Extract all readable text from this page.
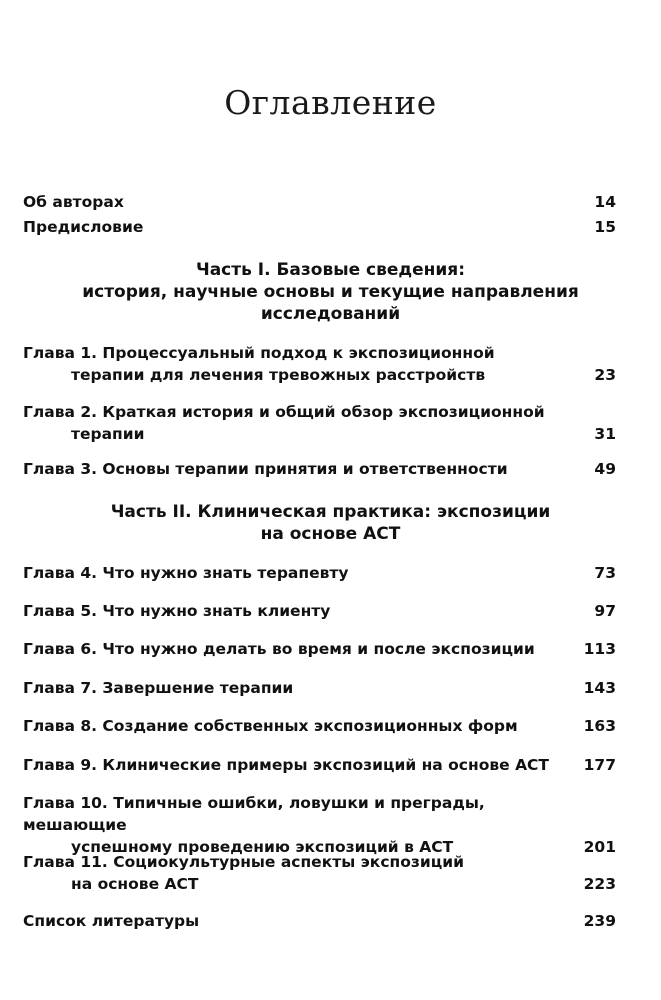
Оглавление
Об авторах	14
Предисловие	15
Часть I. Базовые сведения:
история, научные основы и текущие направления
исследований
Глава 1. Процессуальный подход к экспозиционной
терапии для лечения тревожных расстройств	23
Глава 2. Краткая история и общий обзор экспозиционной
терапии	31
Глава 3. Основы терапии принятия и ответственности	49
Часть II. Клиническая практика: экспозиции
на основе АСТ
Глава 4. Что нужно знать терапевту	73
Глава 5. Что нужно знать клиенту	97
Глава 6. Что нужно делать во время и после экспозиции	113
Глава 7. Завершение терапии	143
Глава 8. Создание собственных экспозиционных форм	163
Глава 9. Клинические примеры экспозиций на основе АСТ	177
Глава 10. Типичные ошибки, ловушки и преграды, мешающие
успешному проведению экспозиций в АСТ	201
Глава 11. Социокультурные аспекты экспозиций
на основе АСТ	223
Список литературы	239
